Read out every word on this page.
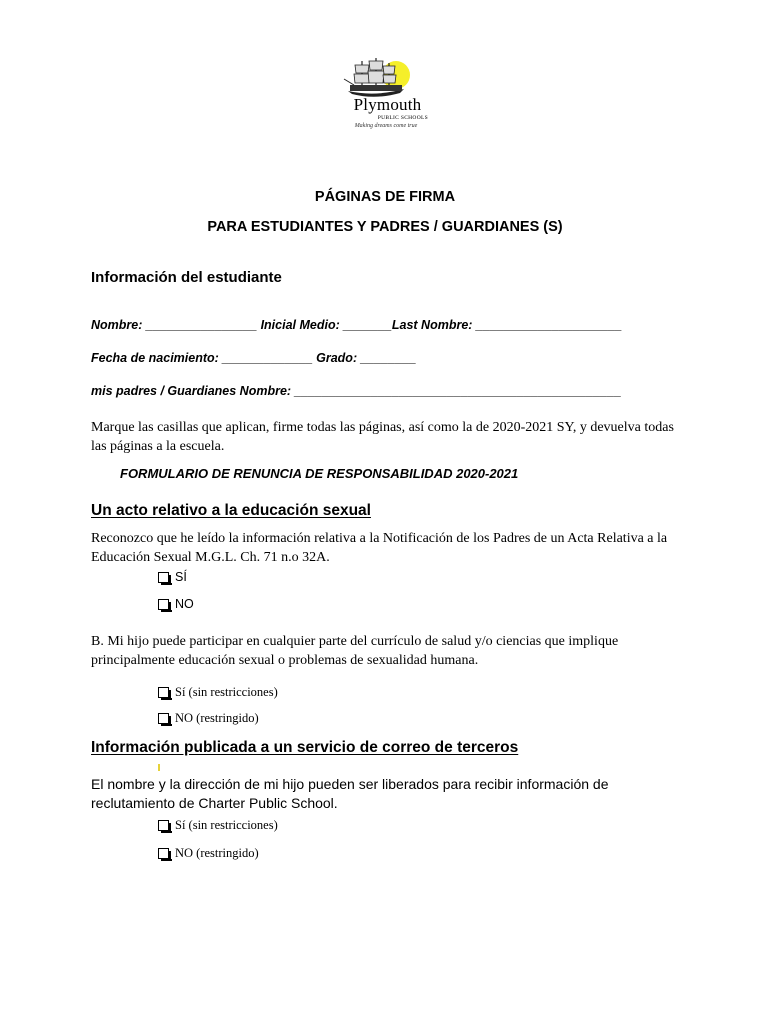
Plymouth
PUBLIC SCHOOLS
Making dreams come true
PÁGINAS DE FIRMA
PARA ESTUDIANTES Y PADRES / GUARDIANES (S)
Información del estudiante
Nombre: ________________ Inicial Medio: _______Last Nombre: _____________________
Fecha de nacimiento: _____________ Grado: ________
mis padres / Guardianes Nombre: _______________________________________________
Marque las casillas que aplican, firme todas las páginas, así como la de 2020-2021 SY, y devuelva todas las páginas a la escuela.
FORMULARIO DE RENUNCIA DE RESPONSABILIDAD 2020-2021
Un acto relativo a la educación sexual
Reconozco que he leído la información relativa a la Notificación de los Padres de un Acta Relativa a la Educación Sexual M.G.L. Ch. 71 n.o 32A.
SÍ
NO
B. Mi hijo puede participar en cualquier parte del currículo de salud y/o ciencias que implique principalmente educación sexual o problemas de sexualidad humana.
Sí (sin restricciones)
NO (restringido)
Información publicada a un servicio de correo de terceros
El nombre y la dirección de mi hijo pueden ser liberados para recibir información de reclutamiento de Charter Public School.
Sí (sin restricciones)
NO (restringido)
